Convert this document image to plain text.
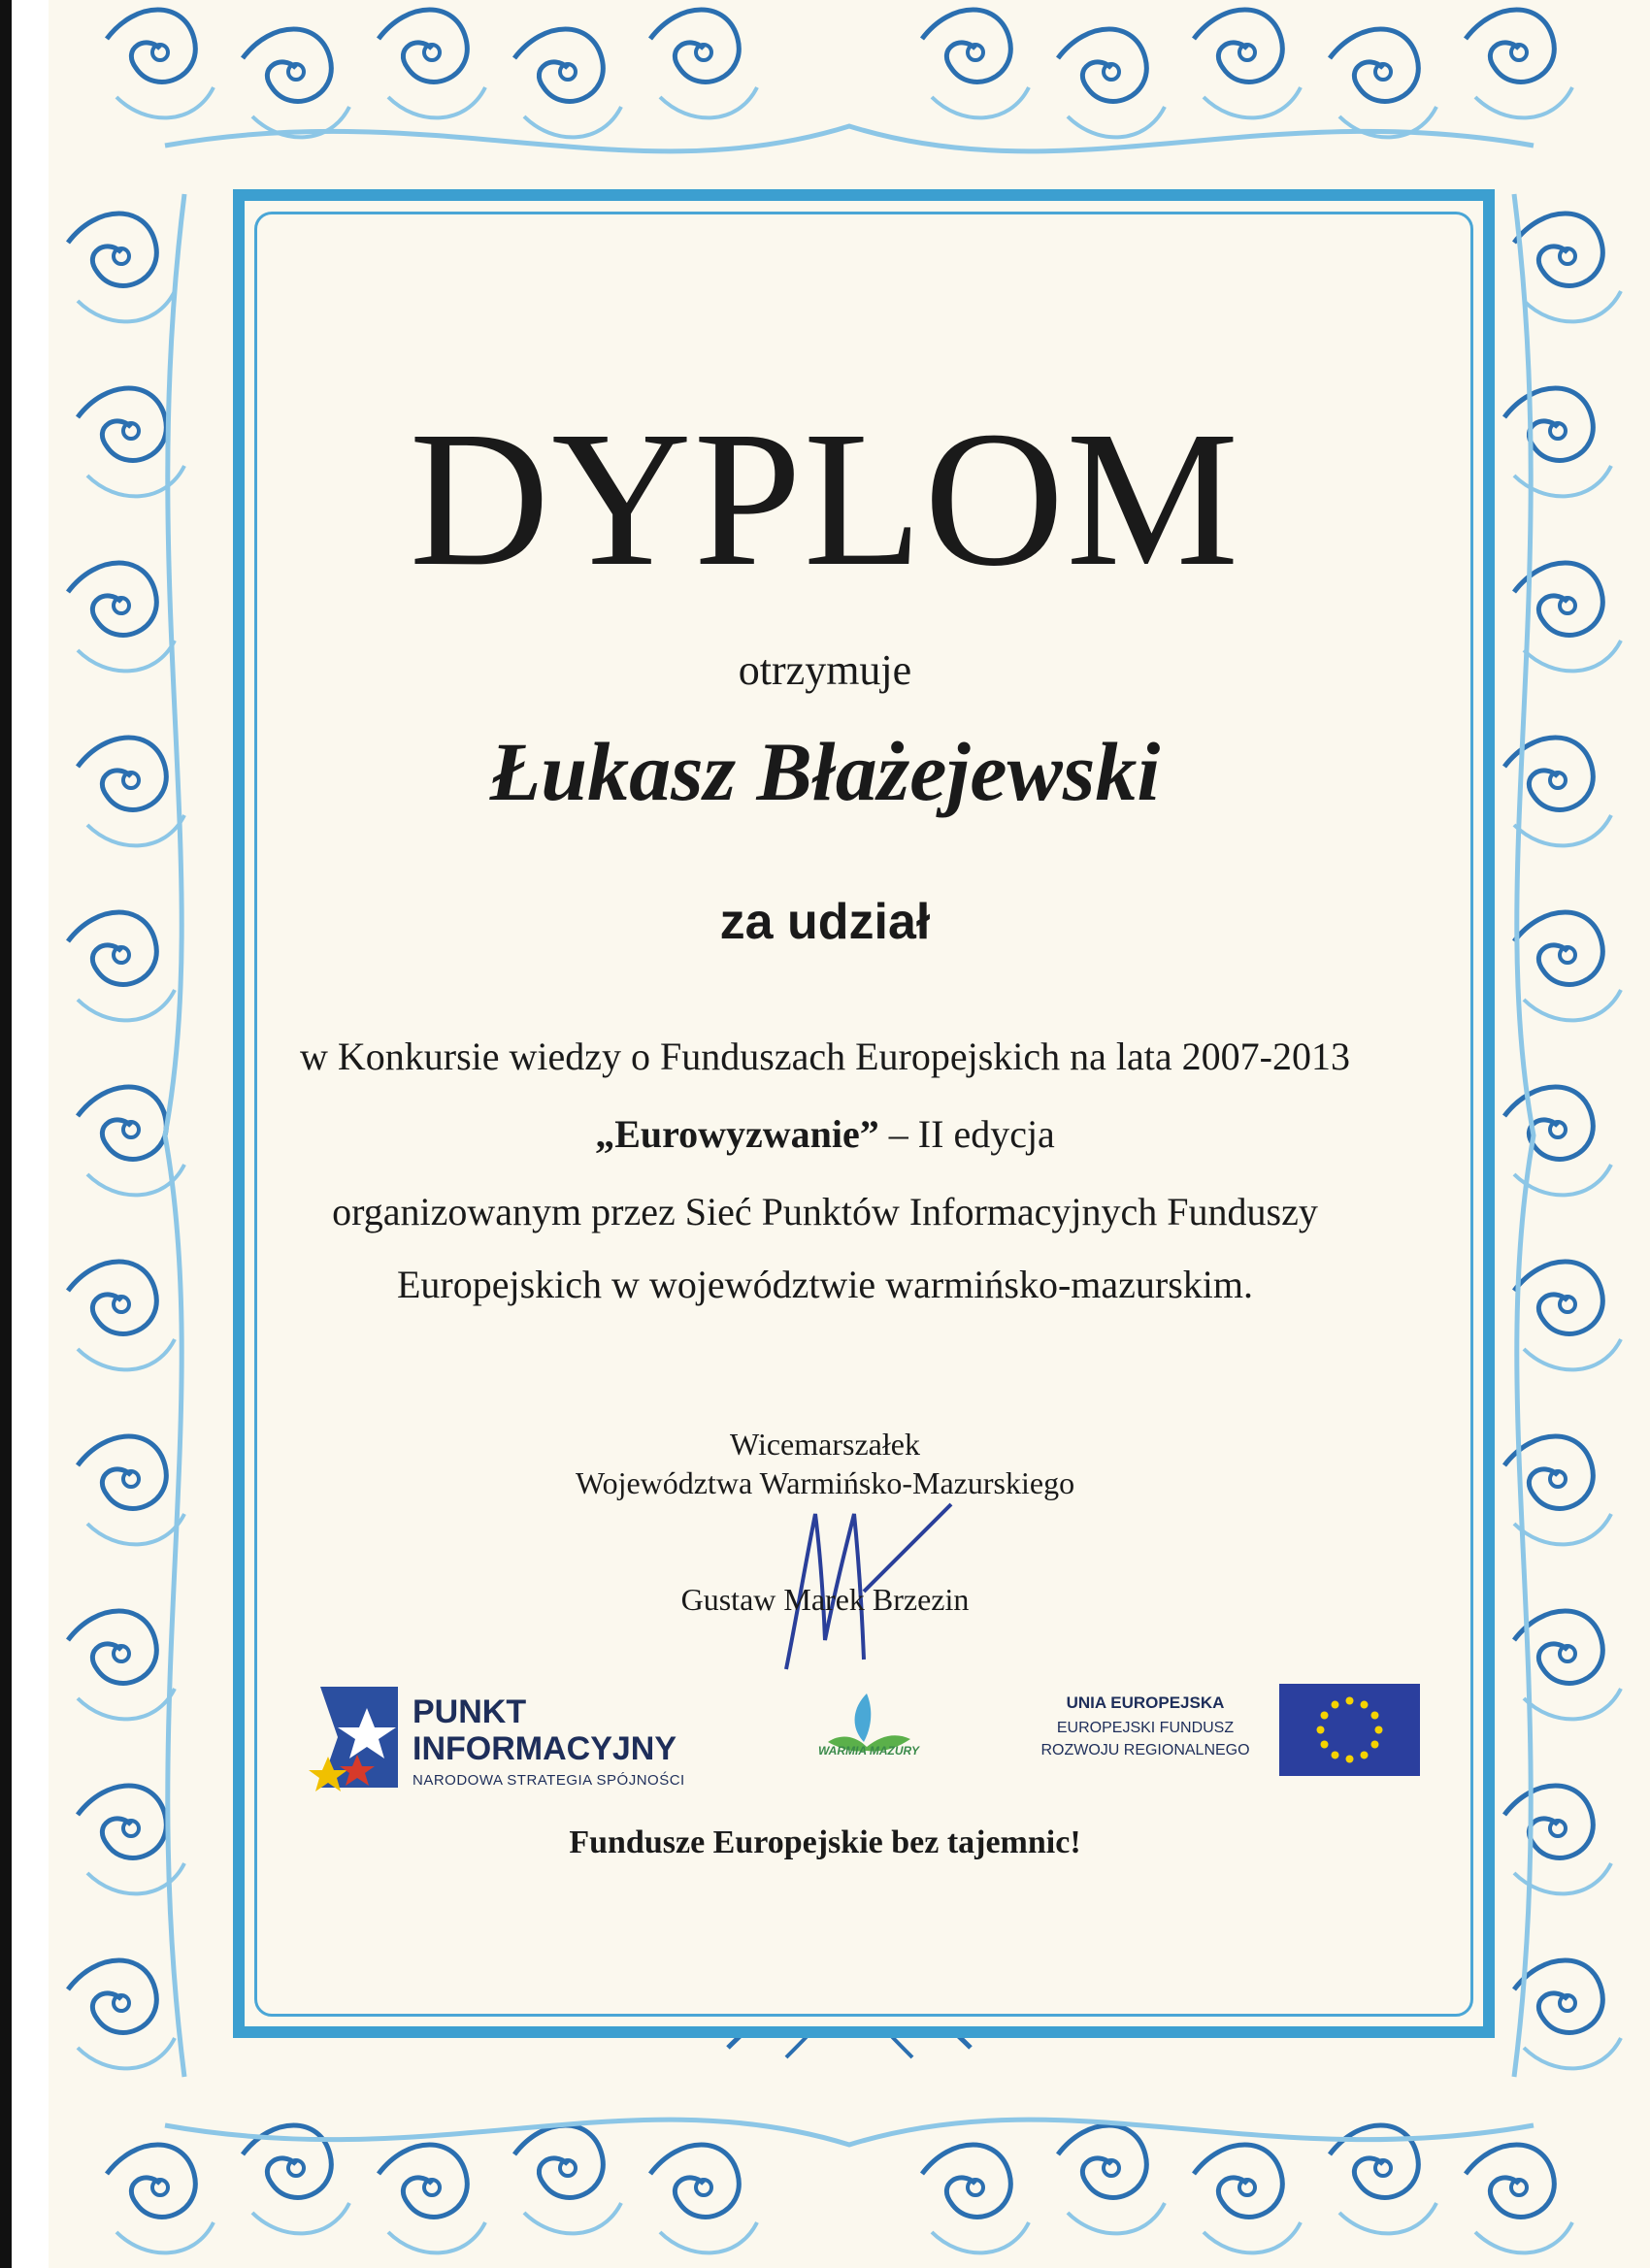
DYPLOM
otrzymuje
Łukasz Błażejewski
za udział
w Konkursie wiedzy o Funduszach Europejskich na lata 2007-2013
„Eurowyzwanie” – II edycja
organizowanym przez Sieć Punktów Informacyjnych Funduszy
Europejskich w województwie warmińsko-mazurskim.
Wicemarszałek
Województwa Warmińsko-Mazurskiego
Gustaw Marek Brzezin
PUNKT
INFORMACYJNY
NARODOWA STRATEGIA SPÓJNOŚCI
WARMIA MAZURY
UNIA EUROPEJSKA
EUROPEJSKI FUNDUSZ
ROZWOJU REGIONALNEGO
Fundusze Europejskie bez tajemnic!
